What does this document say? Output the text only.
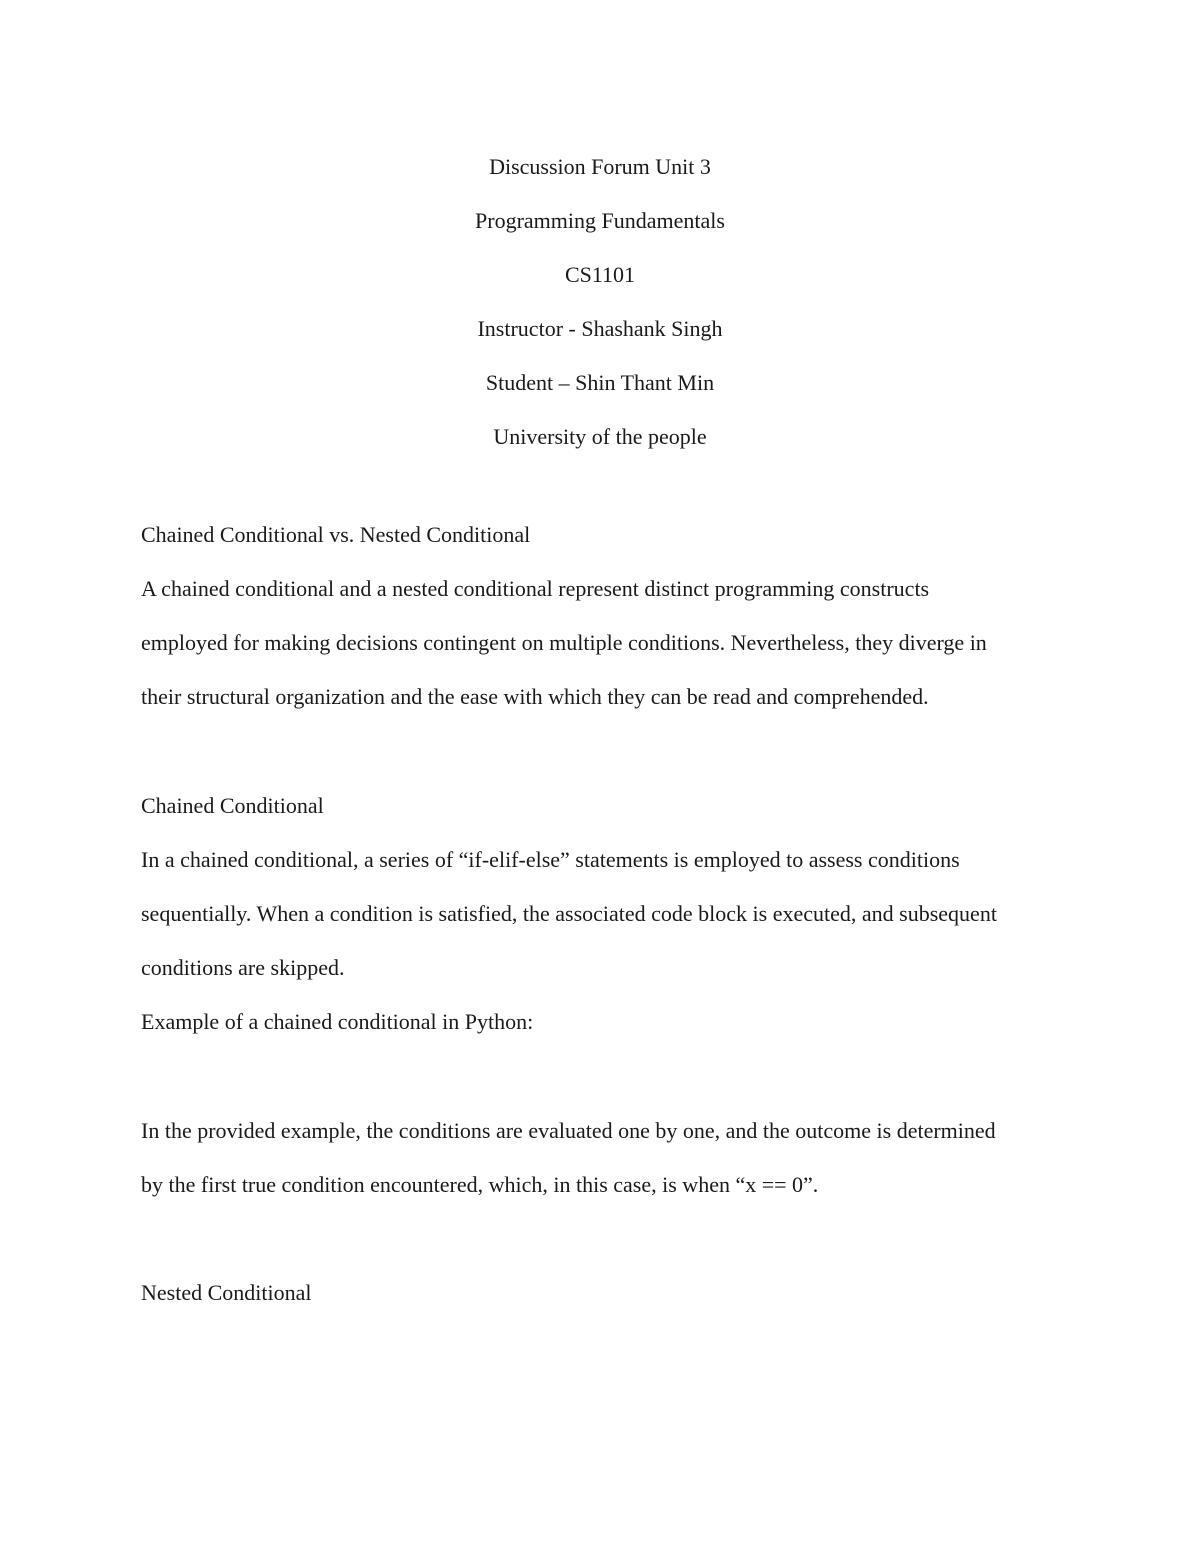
Discussion Forum Unit 3
Programming Fundamentals
CS1101
Instructor - Shashank Singh
Student – Shin Thant Min
University of the people
Chained Conditional vs. Nested Conditional
A chained conditional and a nested conditional represent distinct programming constructs
employed for making decisions contingent on multiple conditions. Nevertheless, they diverge in
their structural organization and the ease with which they can be read and comprehended.
Chained Conditional
In a chained conditional, a series of “if-elif-else” statements is employed to assess conditions
sequentially. When a condition is satisfied, the associated code block is executed, and subsequent
conditions are skipped.
Example of a chained conditional in Python:
In the provided example, the conditions are evaluated one by one, and the outcome is determined
by the first true condition encountered, which, in this case, is when “x == 0”.
Nested Conditional
